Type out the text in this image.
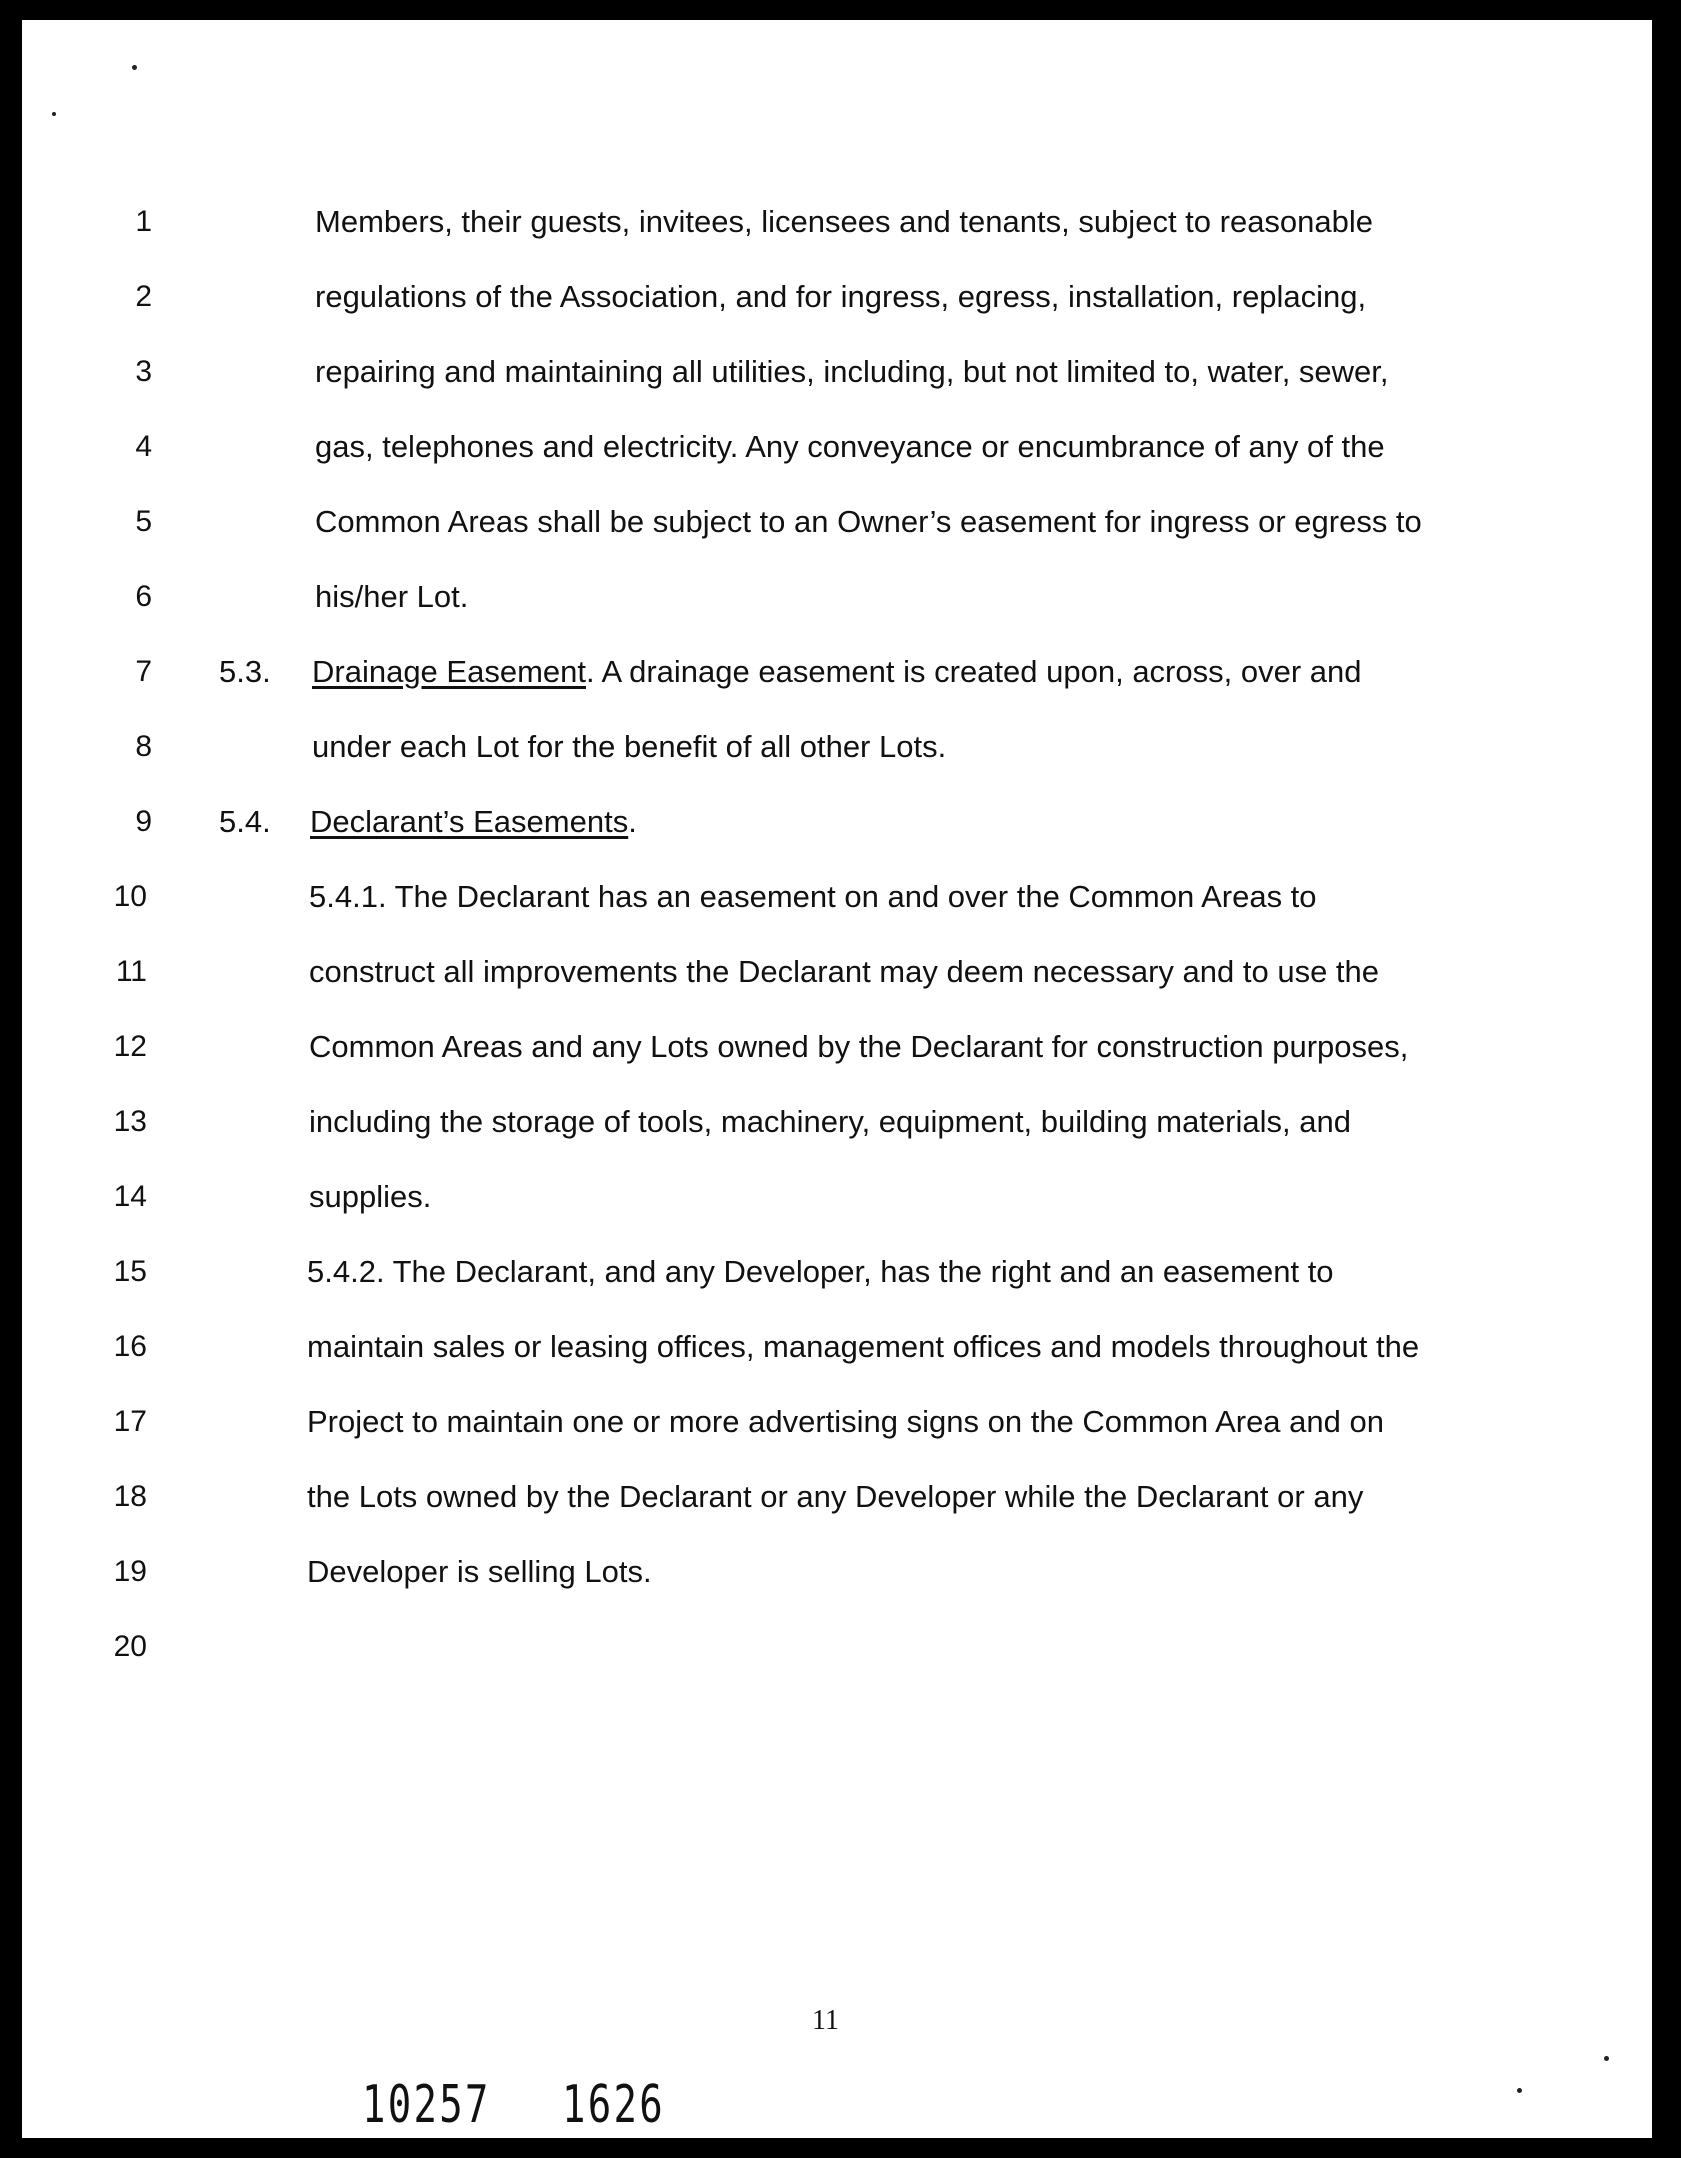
1
2
3
4
5
6
7
8
9
10
11
12
13
14
15
16
17
18
19
20
Members, their guests, invitees, licensees and tenants, subject to reasonable
regulations of the Association, and for ingress, egress, installation, replacing,
repairing and maintaining all utilities, including, but not limited to, water, sewer,
gas, telephones and electricity. Any conveyance or encumbrance of any of the
Common Areas shall be subject to an Owner’s easement for ingress or egress to
his/her Lot.
5.3. Drainage Easement. A drainage easement is created upon, across, over and
under each Lot for the benefit of all other Lots.
5.4. Declarant’s Easements.
5.4.1. The Declarant has an easement on and over the Common Areas to
construct all improvements the Declarant may deem necessary and to use the
Common Areas and any Lots owned by the Declarant for construction purposes,
including the storage of tools, machinery, equipment, building materials, and
supplies.
5.4.2. The Declarant, and any Developer, has the right and an easement to
maintain sales or leasing offices, management offices and models throughout the
Project to maintain one or more advertising signs on the Common Area and on
the Lots owned by the Declarant or any Developer while the Declarant or any
Developer is selling Lots.
11
10257 1626
